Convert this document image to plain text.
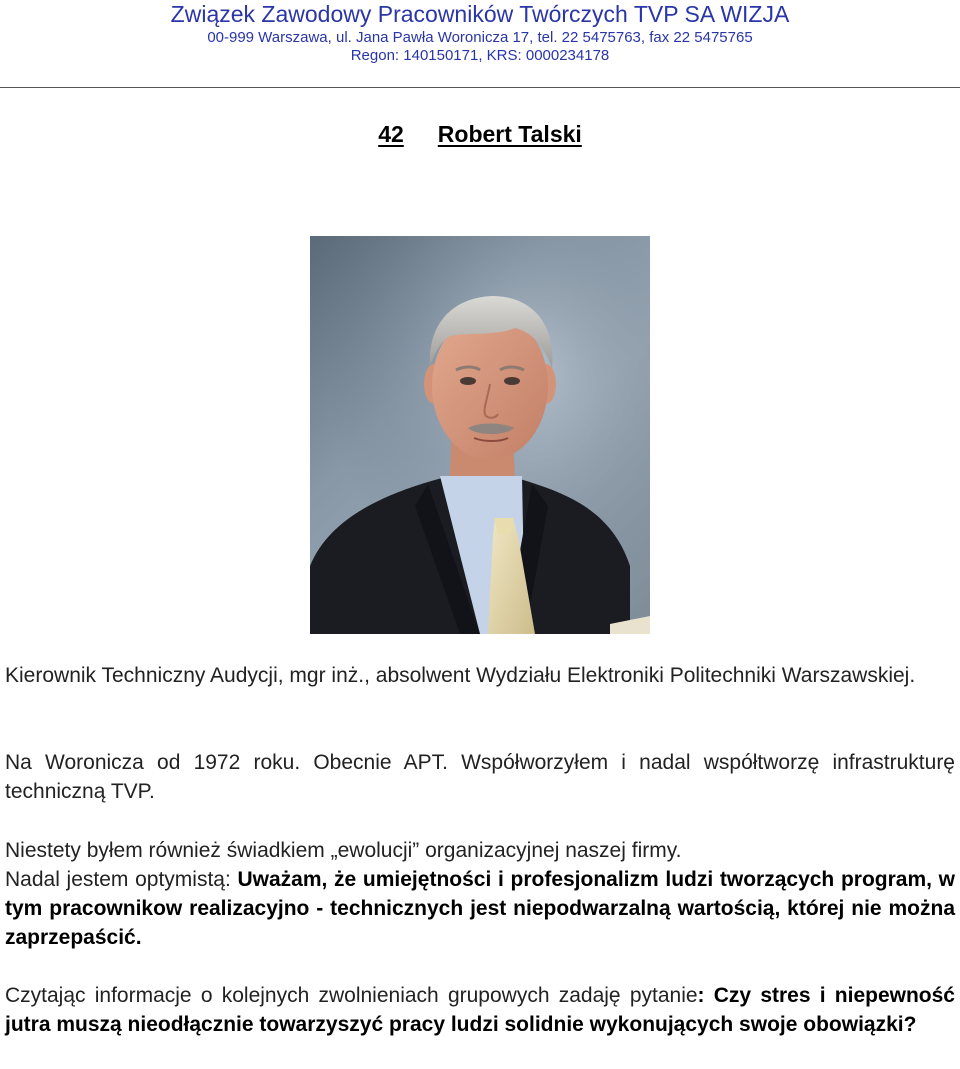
Związek Zawodowy Pracowników Twórczych TVP SA WIZJA
00-999 Warszawa, ul. Jana Pawła Woronicza 17, tel. 22 5475763, fax 22 5475765
Regon: 140150171, KRS: 0000234178
42 Robert Talski

Kierownik Techniczny Audycji, mgr inż., absolwent Wydziału Elektroniki Politechniki Warszawskiej.

Na Woronicza od 1972 roku. Obecnie APT. Współworzyłem i nadal współtworzę infrastrukturę techniczną TVP.

Niestety byłem również świadkiem „ewolucji” organizacyjnej naszej firmy.

Nadal jestem optymistą: Uważam, że umiejętności i profesjonalizm ludzi tworzących program, w tym pracownikow realizacyjno - technicznych jest niepodwarzalną wartością, której nie można zaprzepaścić.

Czytając informacje o kolejnych zwolnieniach grupowych zadaję pytanie: Czy stres i niepewność jutra muszą nieodłącznie towarzyszyć pracy ludzi solidnie wykonujących swoje obowiązki?
